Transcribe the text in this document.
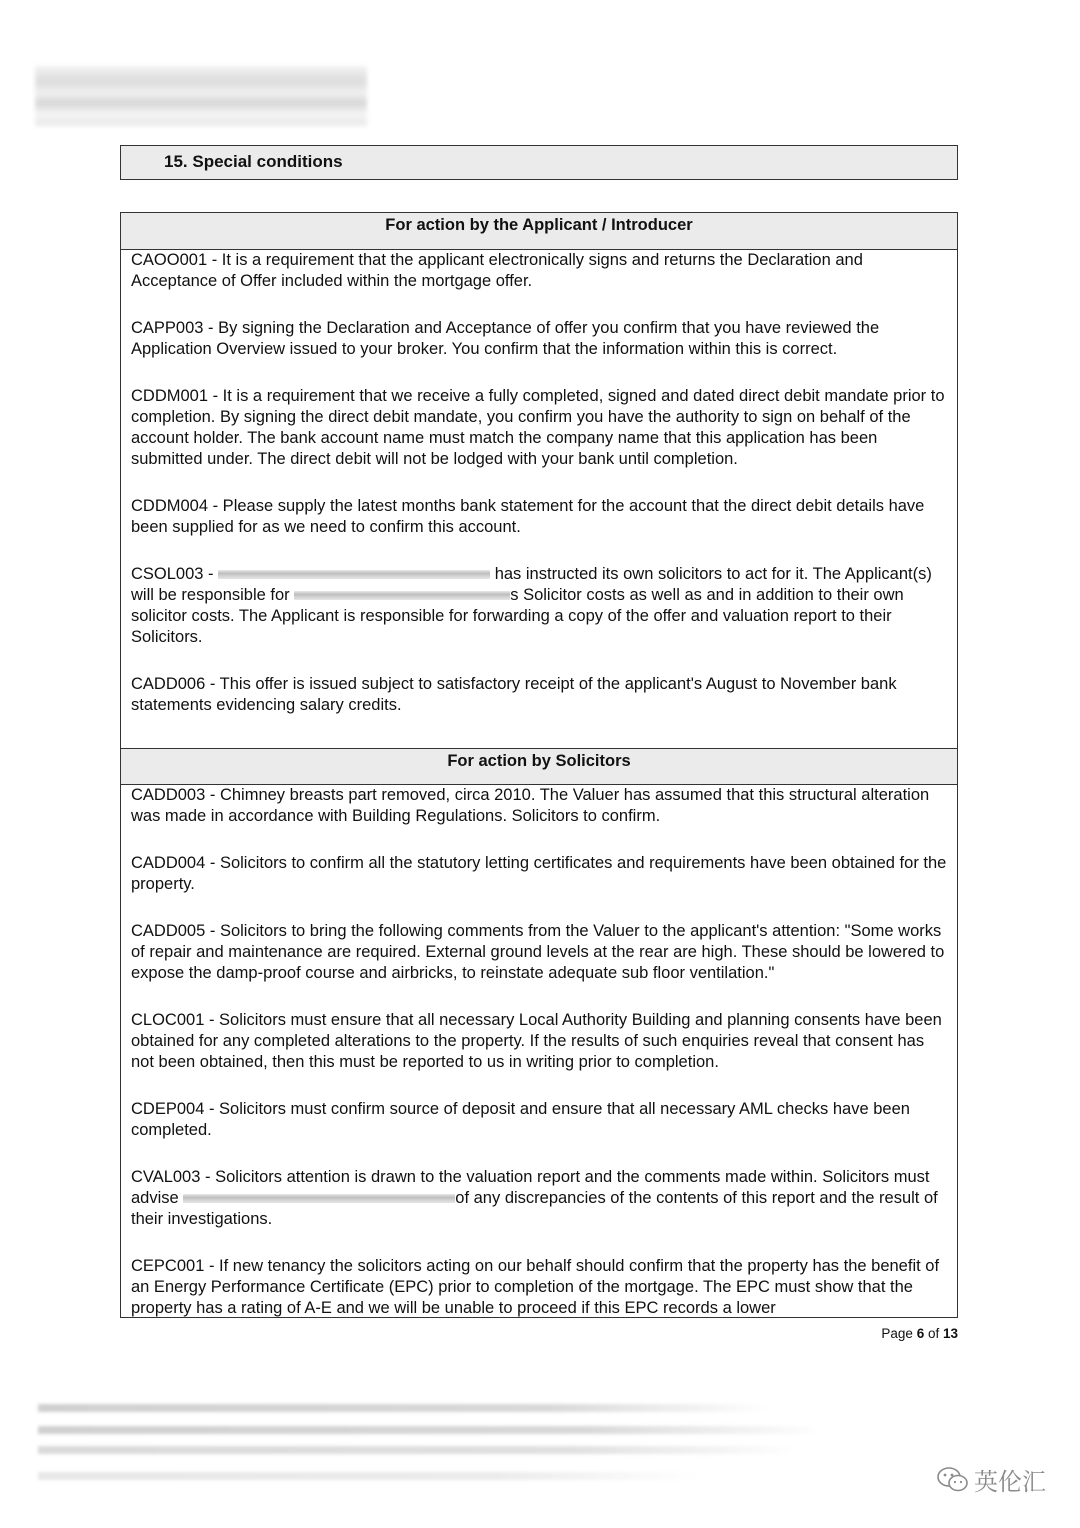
15. Special conditions
For action by the Applicant / Introducer

CAOO001 - It is a requirement that the applicant electronically signs and returns the Declaration and Acceptance of Offer included within the mortgage offer.

CAPP003 - By signing the Declaration and Acceptance of offer you confirm that you have reviewed the Application Overview issued to your broker. You confirm that the information within this is correct.

CDDM001 - It is a requirement that we receive a fully completed, signed and dated direct debit mandate prior to completion. By signing the direct debit mandate, you confirm you have the authority to sign on behalf of the account holder. The bank account name must match the company name that this application has been submitted under. The direct debit will not be lodged with your bank until completion.

CDDM004 - Please supply the latest months bank statement for the account that the direct debit details have been supplied for as we need to confirm this account.

CSOL003 -	has instructed its own solicitors to act for it. The Applicant(s) will be responsible for	s Solicitor costs as well as and in addition to their own solicitor costs. The Applicant is responsible for forwarding a copy of the offer and valuation report to their Solicitors.

CADD006 - This offer is issued subject to satisfactory receipt of the applicant's August to November bank statements evidencing salary credits.

For action by Solicitors

CADD003 - Chimney breasts part removed, circa 2010. The Valuer has assumed that this structural alteration was made in accordance with Building Regulations. Solicitors to confirm.

CADD004 - Solicitors to confirm all the statutory letting certificates and requirements have been obtained for the property.

CADD005 - Solicitors to bring the following comments from the Valuer to the applicant's attention: "Some works of repair and maintenance are required. External ground levels at the rear are high. These should be lowered to expose the damp-proof course and airbricks, to reinstate adequate sub floor ventilation."

CLOC001 - Solicitors must ensure that all necessary Local Authority Building and planning consents have been obtained for any completed alterations to the property. If the results of such enquiries reveal that consent has not been obtained, then this must be reported to us in writing prior to completion.

CDEP004 - Solicitors must confirm source of deposit and ensure that all necessary AML checks have been completed.

CVAL003 - Solicitors attention is drawn to the valuation report and the comments made within. Solicitors must advise	of any discrepancies of the contents of this report and the result of their investigations.

CEPC001 - If new tenancy the solicitors acting on our behalf should confirm that the property has the benefit of an Energy Performance Certificate (EPC) prior to completion of the mortgage. The EPC must show that the property has a rating of A-E and we will be unable to proceed if this EPC records a lower

Page 6 of 13
英伦汇
